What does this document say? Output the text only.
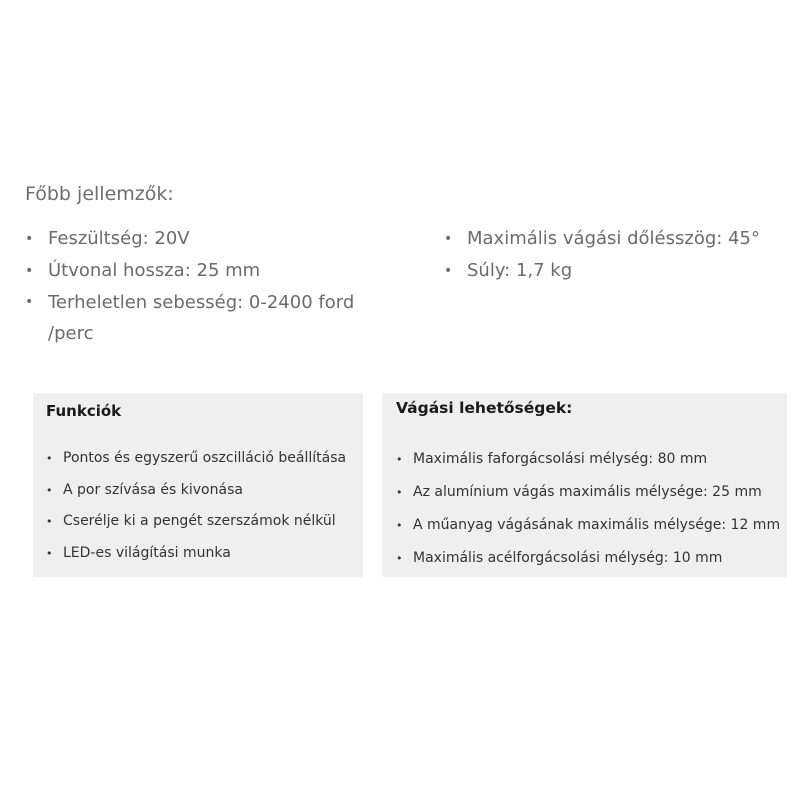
Főbb jellemzők:
• Feszültség: 20V
• Útvonal hossza: 25 mm
• Terheletlen sebesség: 0-2400 ford /perc
• Maximális vágási dőlésszög: 45°
• Súly: 1,7 kg
Funkciók
• Pontos és egyszerű oszcilláció beállítása
• A por szívása és kivonása
• Cserélje ki a pengét szerszámok nélkül
• LED-es világítási munka
Vágási lehetőségek:
• Maximális faforgácsolási mélység: 80 mm
• Az alumínium vágás maximális mélysége: 25 mm
• A műanyag vágásának maximális mélysége: 12 mm
• Maximális acélforgácsolási mélység: 10 mm
